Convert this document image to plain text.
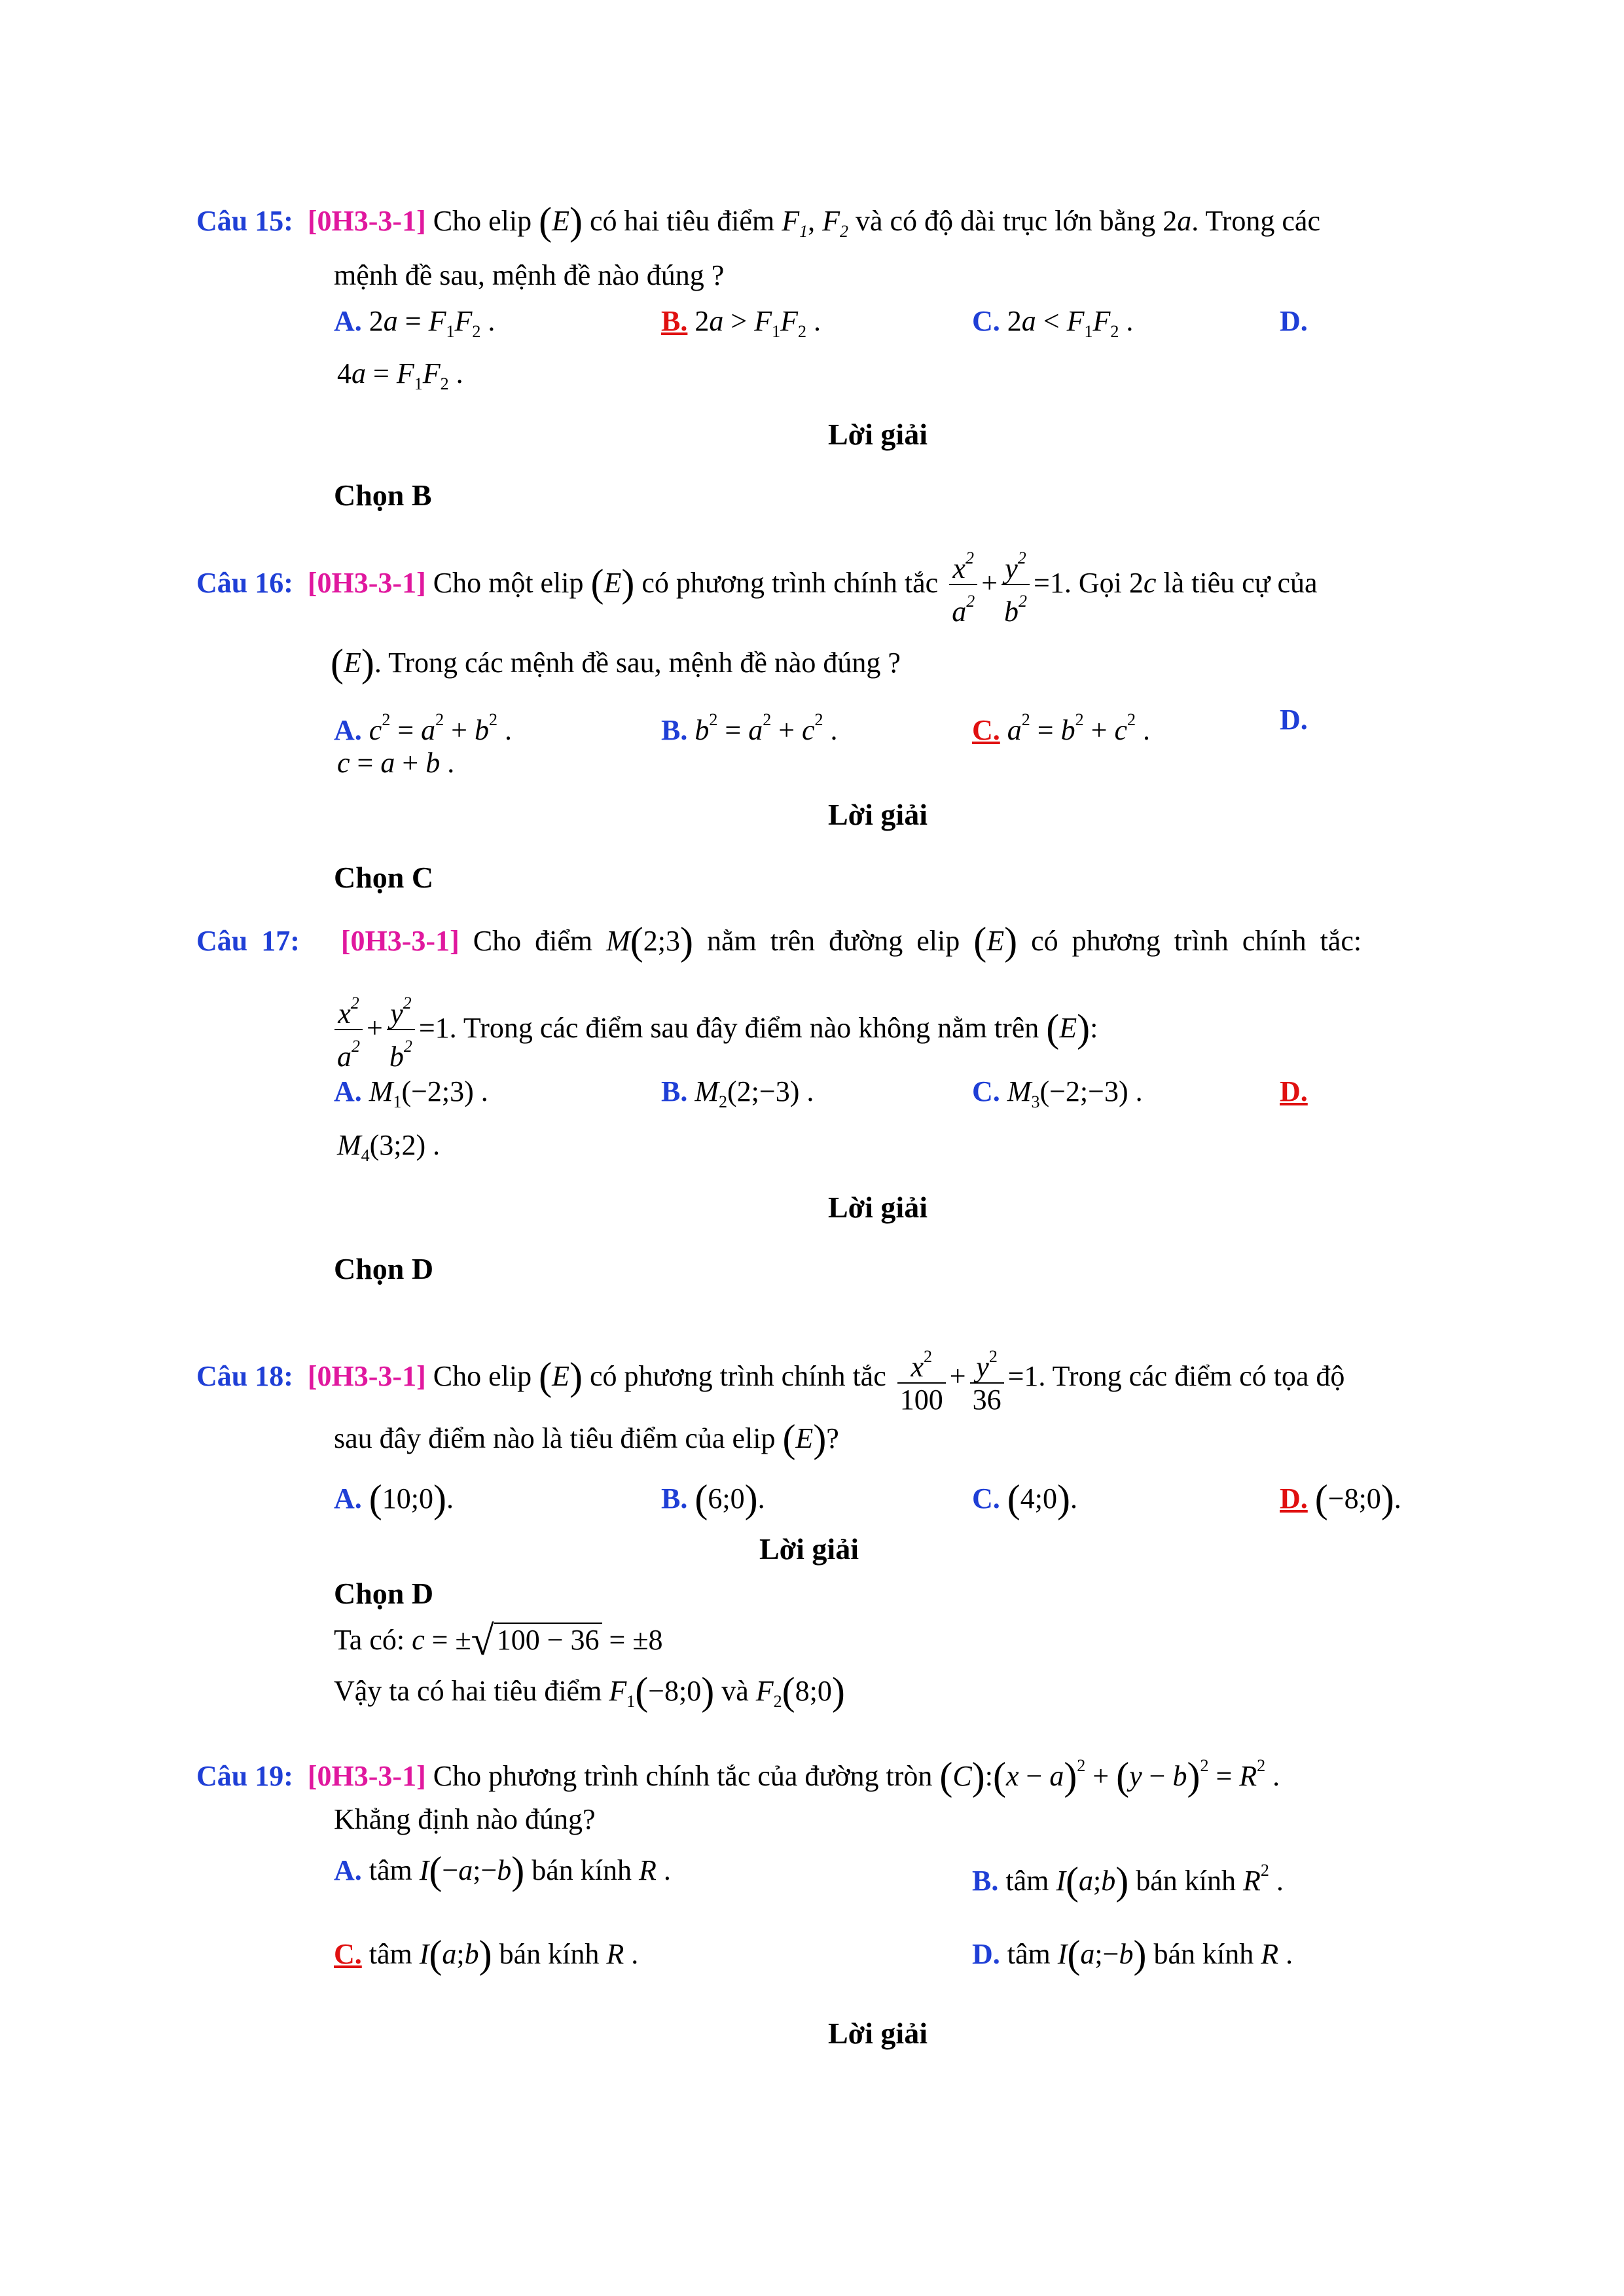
Câu 15: [0H3-3-1] Cho elip (E) có hai tiêu điểm $F_1$, $F_2$ và có độ dài trục lớn bằng 2a. Trong các
mệnh đề sau, mệnh đề nào đúng ?
A. $2a = F_1F_2$ .	B. $2a > F_1F_2$ .	C. $2a < F_1F_2$ .	D.
$4a = F_1F_2$ .
Lời giải
Chọn B
Câu 16: [0H3-3-1] Cho một elip (E) có phương trình chính tắc $\frac{x^2}{a^2} + \frac{y^2}{b^2} =1$. Gọi 2c là tiêu cự của
(E). Trong các mệnh đề sau, mệnh đề nào đúng ?
A. $c^2 = a^2 + b^2$ .	B. $b^2 = a^2 + c^2$ .	C. $a^2 = b^2 + c^2$ .	D.
c = a + b .
Lời giải
Chọn C
Câu 17: [0H3-3-1] Cho điểm M(2;3) nằm trên đường elip (E) có phương trình chính tắc:
$\frac{x^2}{a^2} + \frac{y^2}{b^2} =1$. Trong các điểm sau đây điểm nào không nằm trên (E):
A. $M_1(-2;3)$ .	B. $M_2(2;-3)$ .	C. $M_3(-2;-3)$ .	D.
$M_4(3;2)$ .
Lời giải
Chọn D
Câu 18: [0H3-3-1] Cho elip (E) có phương trình chính tắc $\frac{x^2}{100} + \frac{y^2}{36} =1$. Trong các điểm có tọa độ
sau đây điểm nào là tiêu điểm của elip (E)?
A. (10;0).	B. (6;0).	C. (4;0).	D. (−8;0).
Lời giải
Chọn D
Ta có: c = ±√100 − 36 = ±8
Vậy ta có hai tiêu điểm $F_1(-8;0)$ và $F_2(8;0)$
Câu 19: [0H3-3-1] Cho phương trình chính tắc của đường tròn (C):(x − $a)^2 + (y - b)^2 = R^2$ .
Khẳng định nào đúng?
A. tâm I(−a;−b) bán kính R .	B. tâm I(a;b) bán kính $R^2$ .
C. tâm I(a;b) bán kính R .	D. tâm I(a;−b) bán kính R .
Lời giải
